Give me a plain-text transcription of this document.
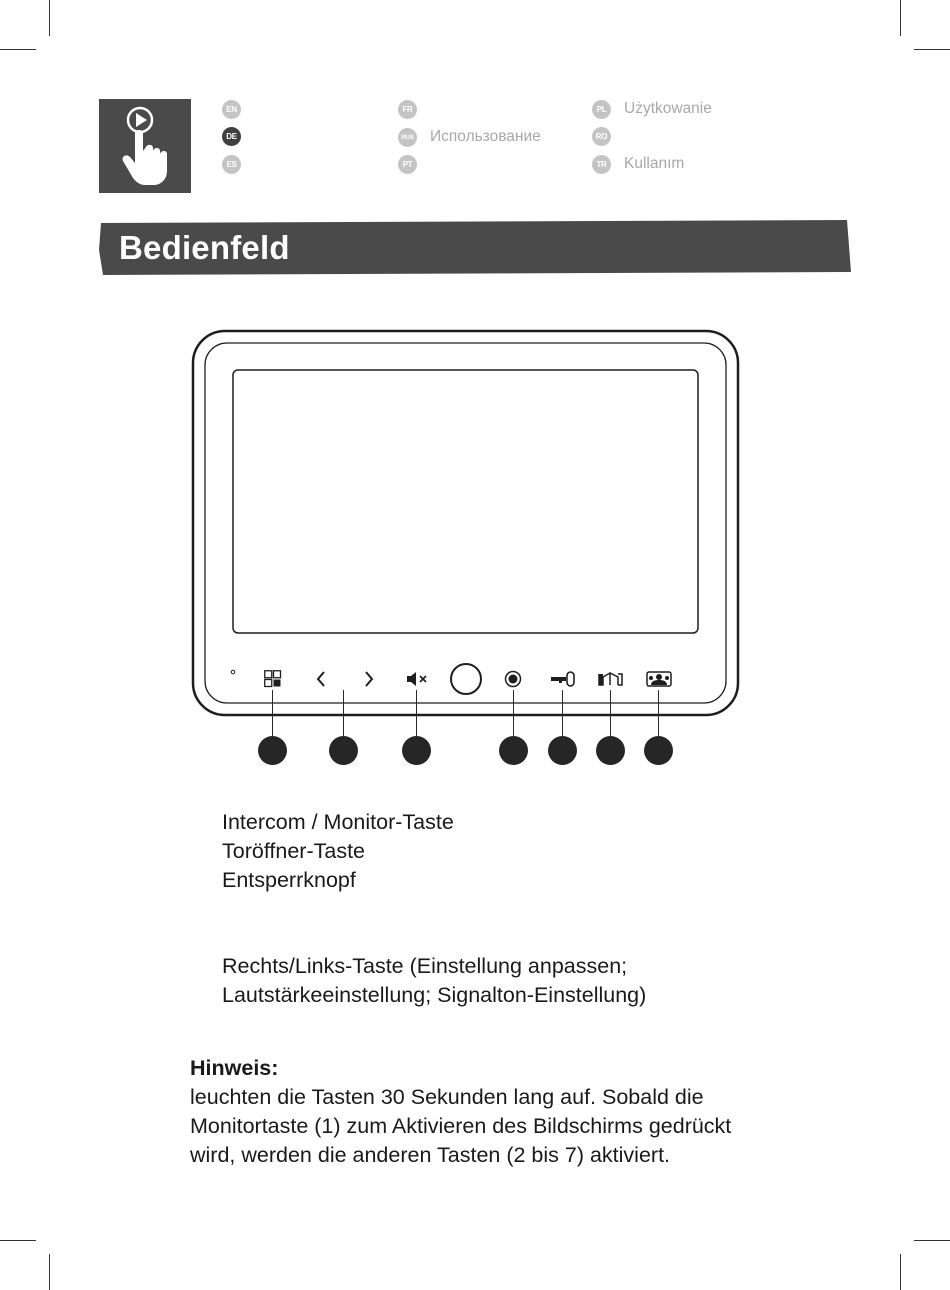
EN
DE
ES
FR
RUS Использование
PT
PL	Użytkowanie
RO
TR Kullanım
Bedienfeld
Intercom / Monitor-Taste
Toröffner-Taste
Entsperrknopf
Rechts/Links-Taste (Einstellung anpassen;
Lautstärkeeinstellung; Signalton-Einstellung)
Hinweis:
leuchten die Tasten 30 Sekunden lang auf. Sobald die
Monitortaste (1) zum Aktivieren des Bildschirms gedrückt
wird, werden die anderen Tasten (2 bis 7) aktiviert.
